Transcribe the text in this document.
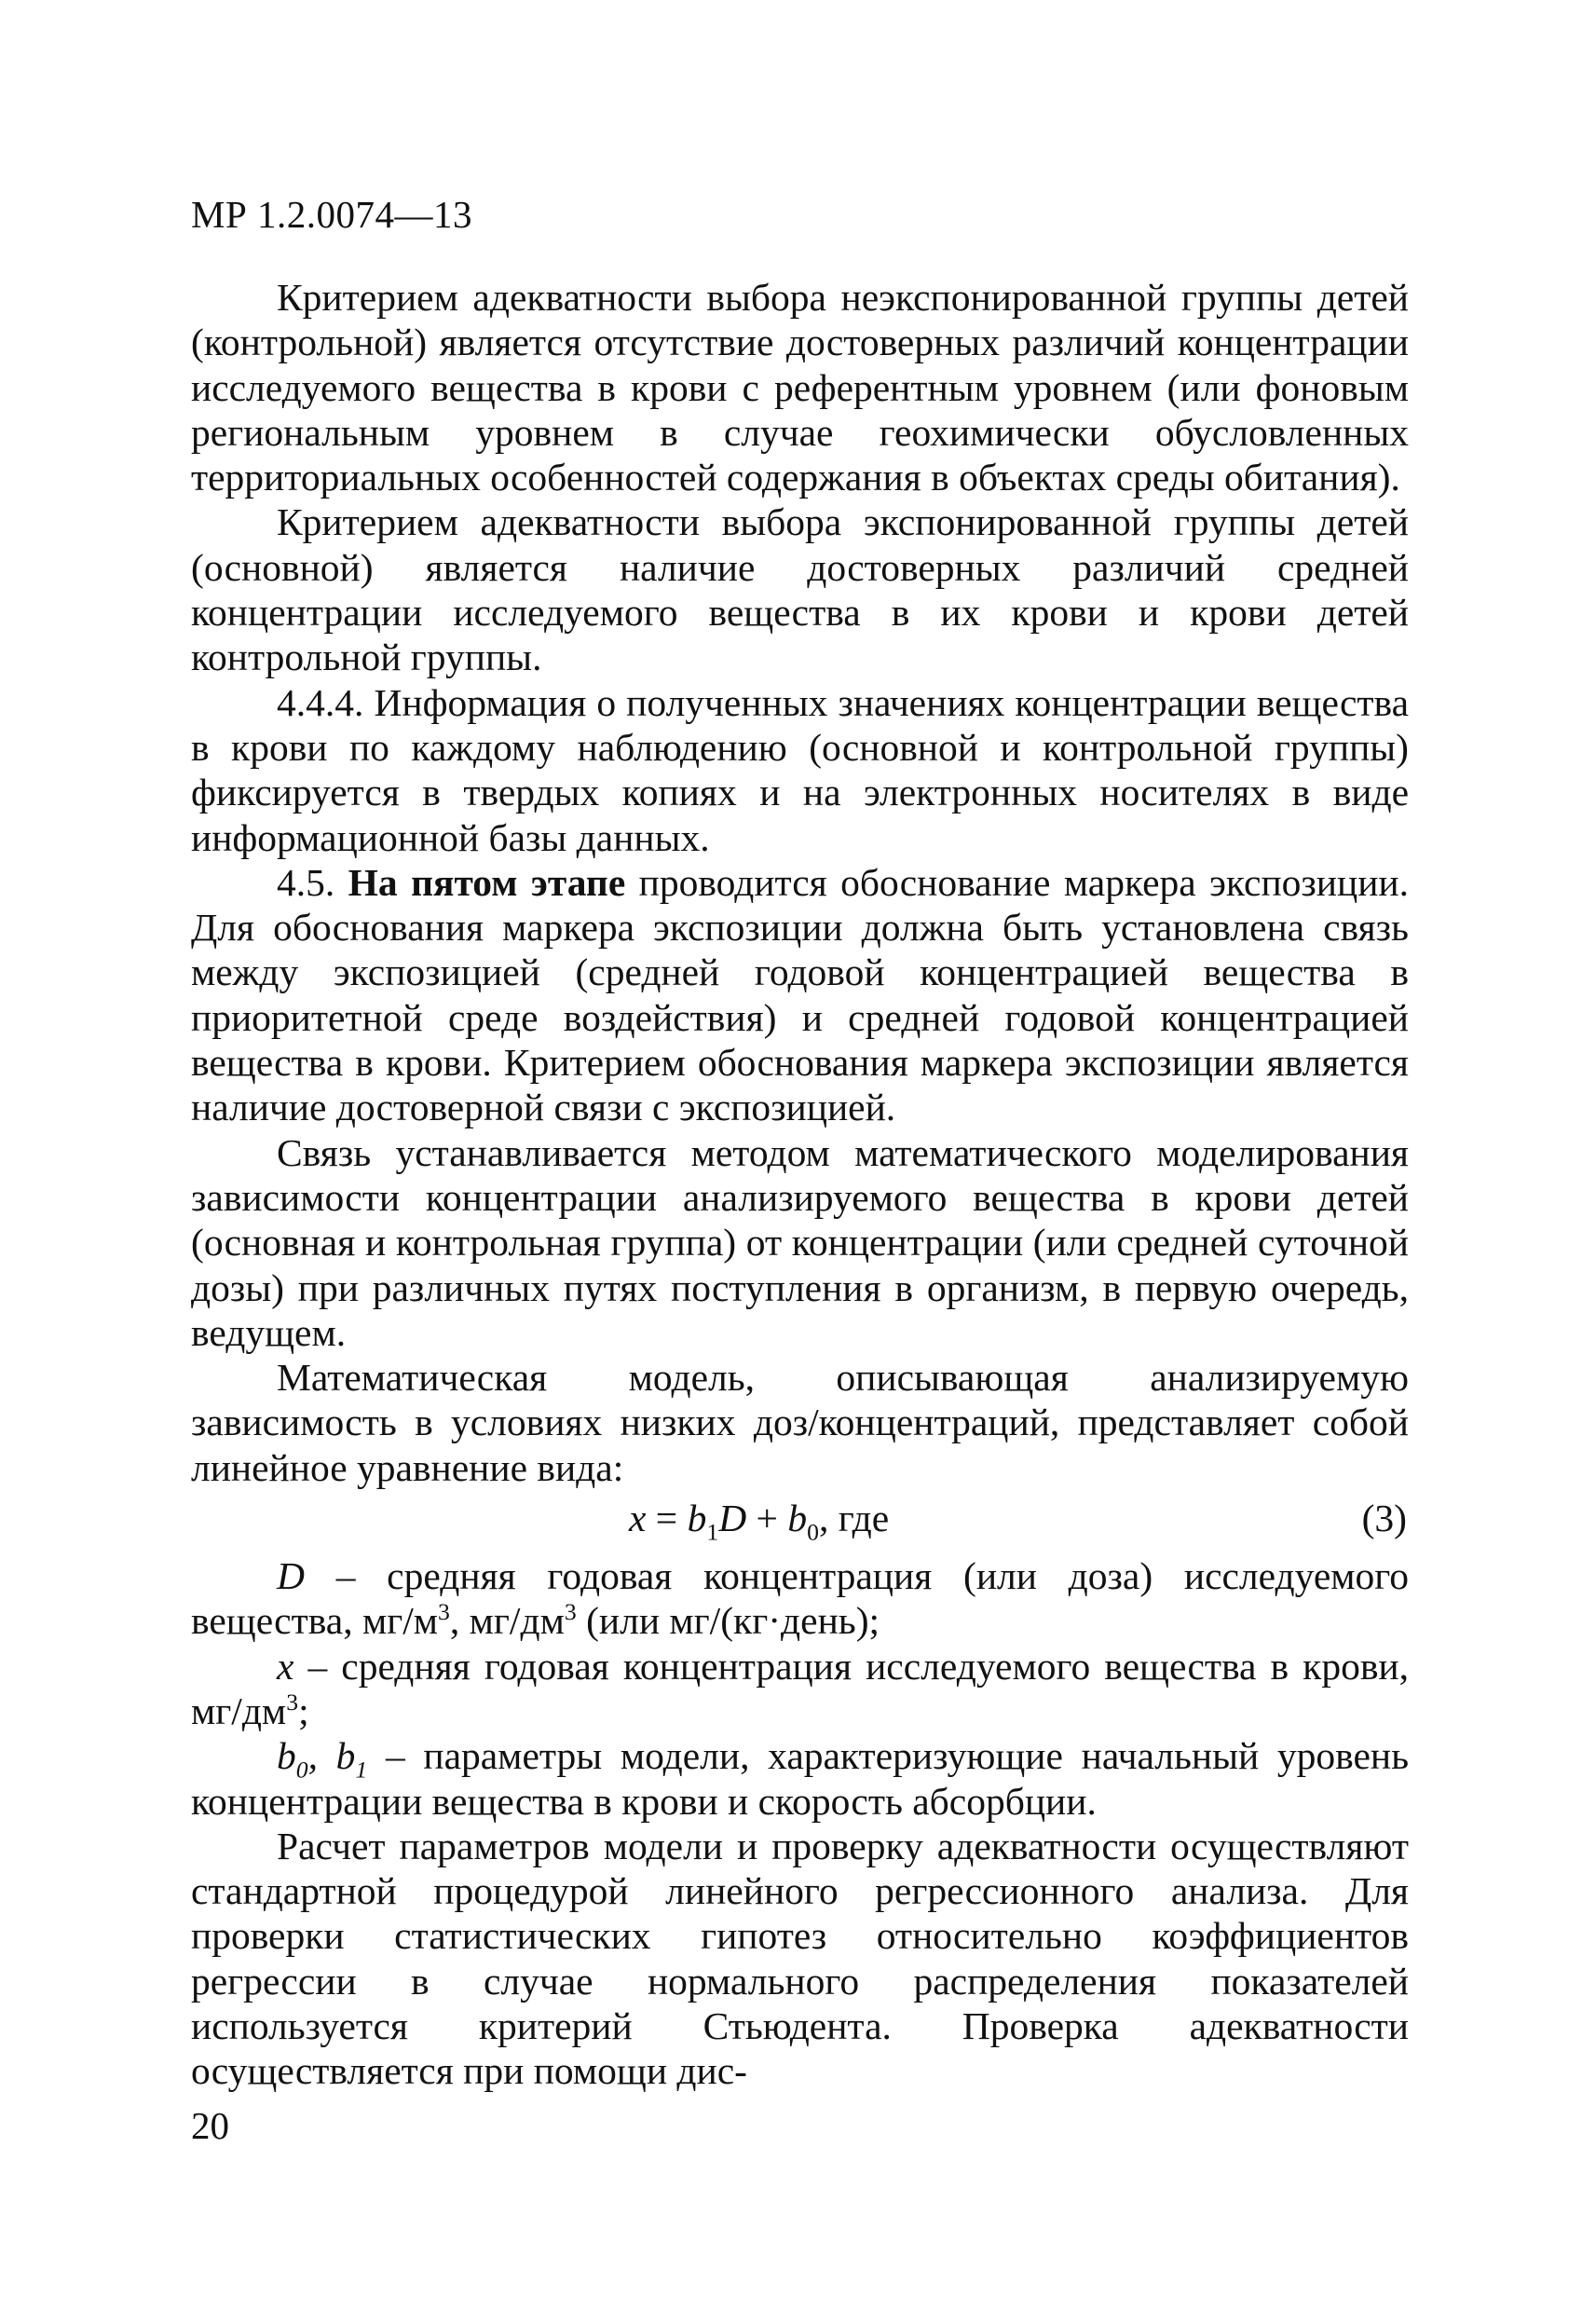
МР 1.2.0074—13

Критерием адекватности выбора неэкспонированной группы детей (контрольной) является отсутствие достоверных различий концентрации исследуемого вещества в крови с референтным уровнем (или фоновым региональным уровнем в случае геохимически обусловленных территориальных особенностей содержания в объектах среды обитания).

Критерием адекватности выбора экспонированной группы детей (основной) является наличие достоверных различий средней концентрации исследуемого вещества в их крови и крови детей контрольной группы.

4.4.4. Информация о полученных значениях концентрации вещества в крови по каждому наблюдению (основной и контрольной группы) фиксируется в твердых копиях и на электронных носителях в виде информационной базы данных.

4.5. На пятом этапе проводится обоснование маркера экспозиции. Для обоснования маркера экспозиции должна быть установлена связь между экспозицией (средней годовой концентрацией вещества в приоритетной среде воздействия) и средней годовой концентрацией вещества в крови. Критерием обоснования маркера экспозиции является наличие достоверной связи с экспозицией.

Связь устанавливается методом математического моделирования зависимости концентрации анализируемого вещества в крови детей (основная и контрольная группа) от концентрации (или средней суточной дозы) при различных путях поступления в организм, в первую очередь, ведущем.

Математическая модель, описывающая анализируемую зависимость в условиях низких доз/концентраций, представляет собой линейное уравнение вида:

$x = b_1D + b_0$, где	(3)

D – средняя годовая концентрация (или доза) исследуемого вещества, $мг/м^3$, $мг/дм^3$ (или мг/(кг·день);

x – средняя годовая концентрация исследуемого вещества в крови, $мг/дм^3$;

$b_0$, $b_1$ – параметры модели, характеризующие начальный уровень концентрации вещества в крови и скорость абсорбции.

Расчет параметров модели и проверку адекватности осуществляют стандартной процедурой линейного регрессионного анализа. Для проверки статистических гипотез относительно коэффициентов регрессии в случае нормального распределения показателей используется критерий Стьюдента. Проверка адекватности осуществляется при помощи дис-

20
